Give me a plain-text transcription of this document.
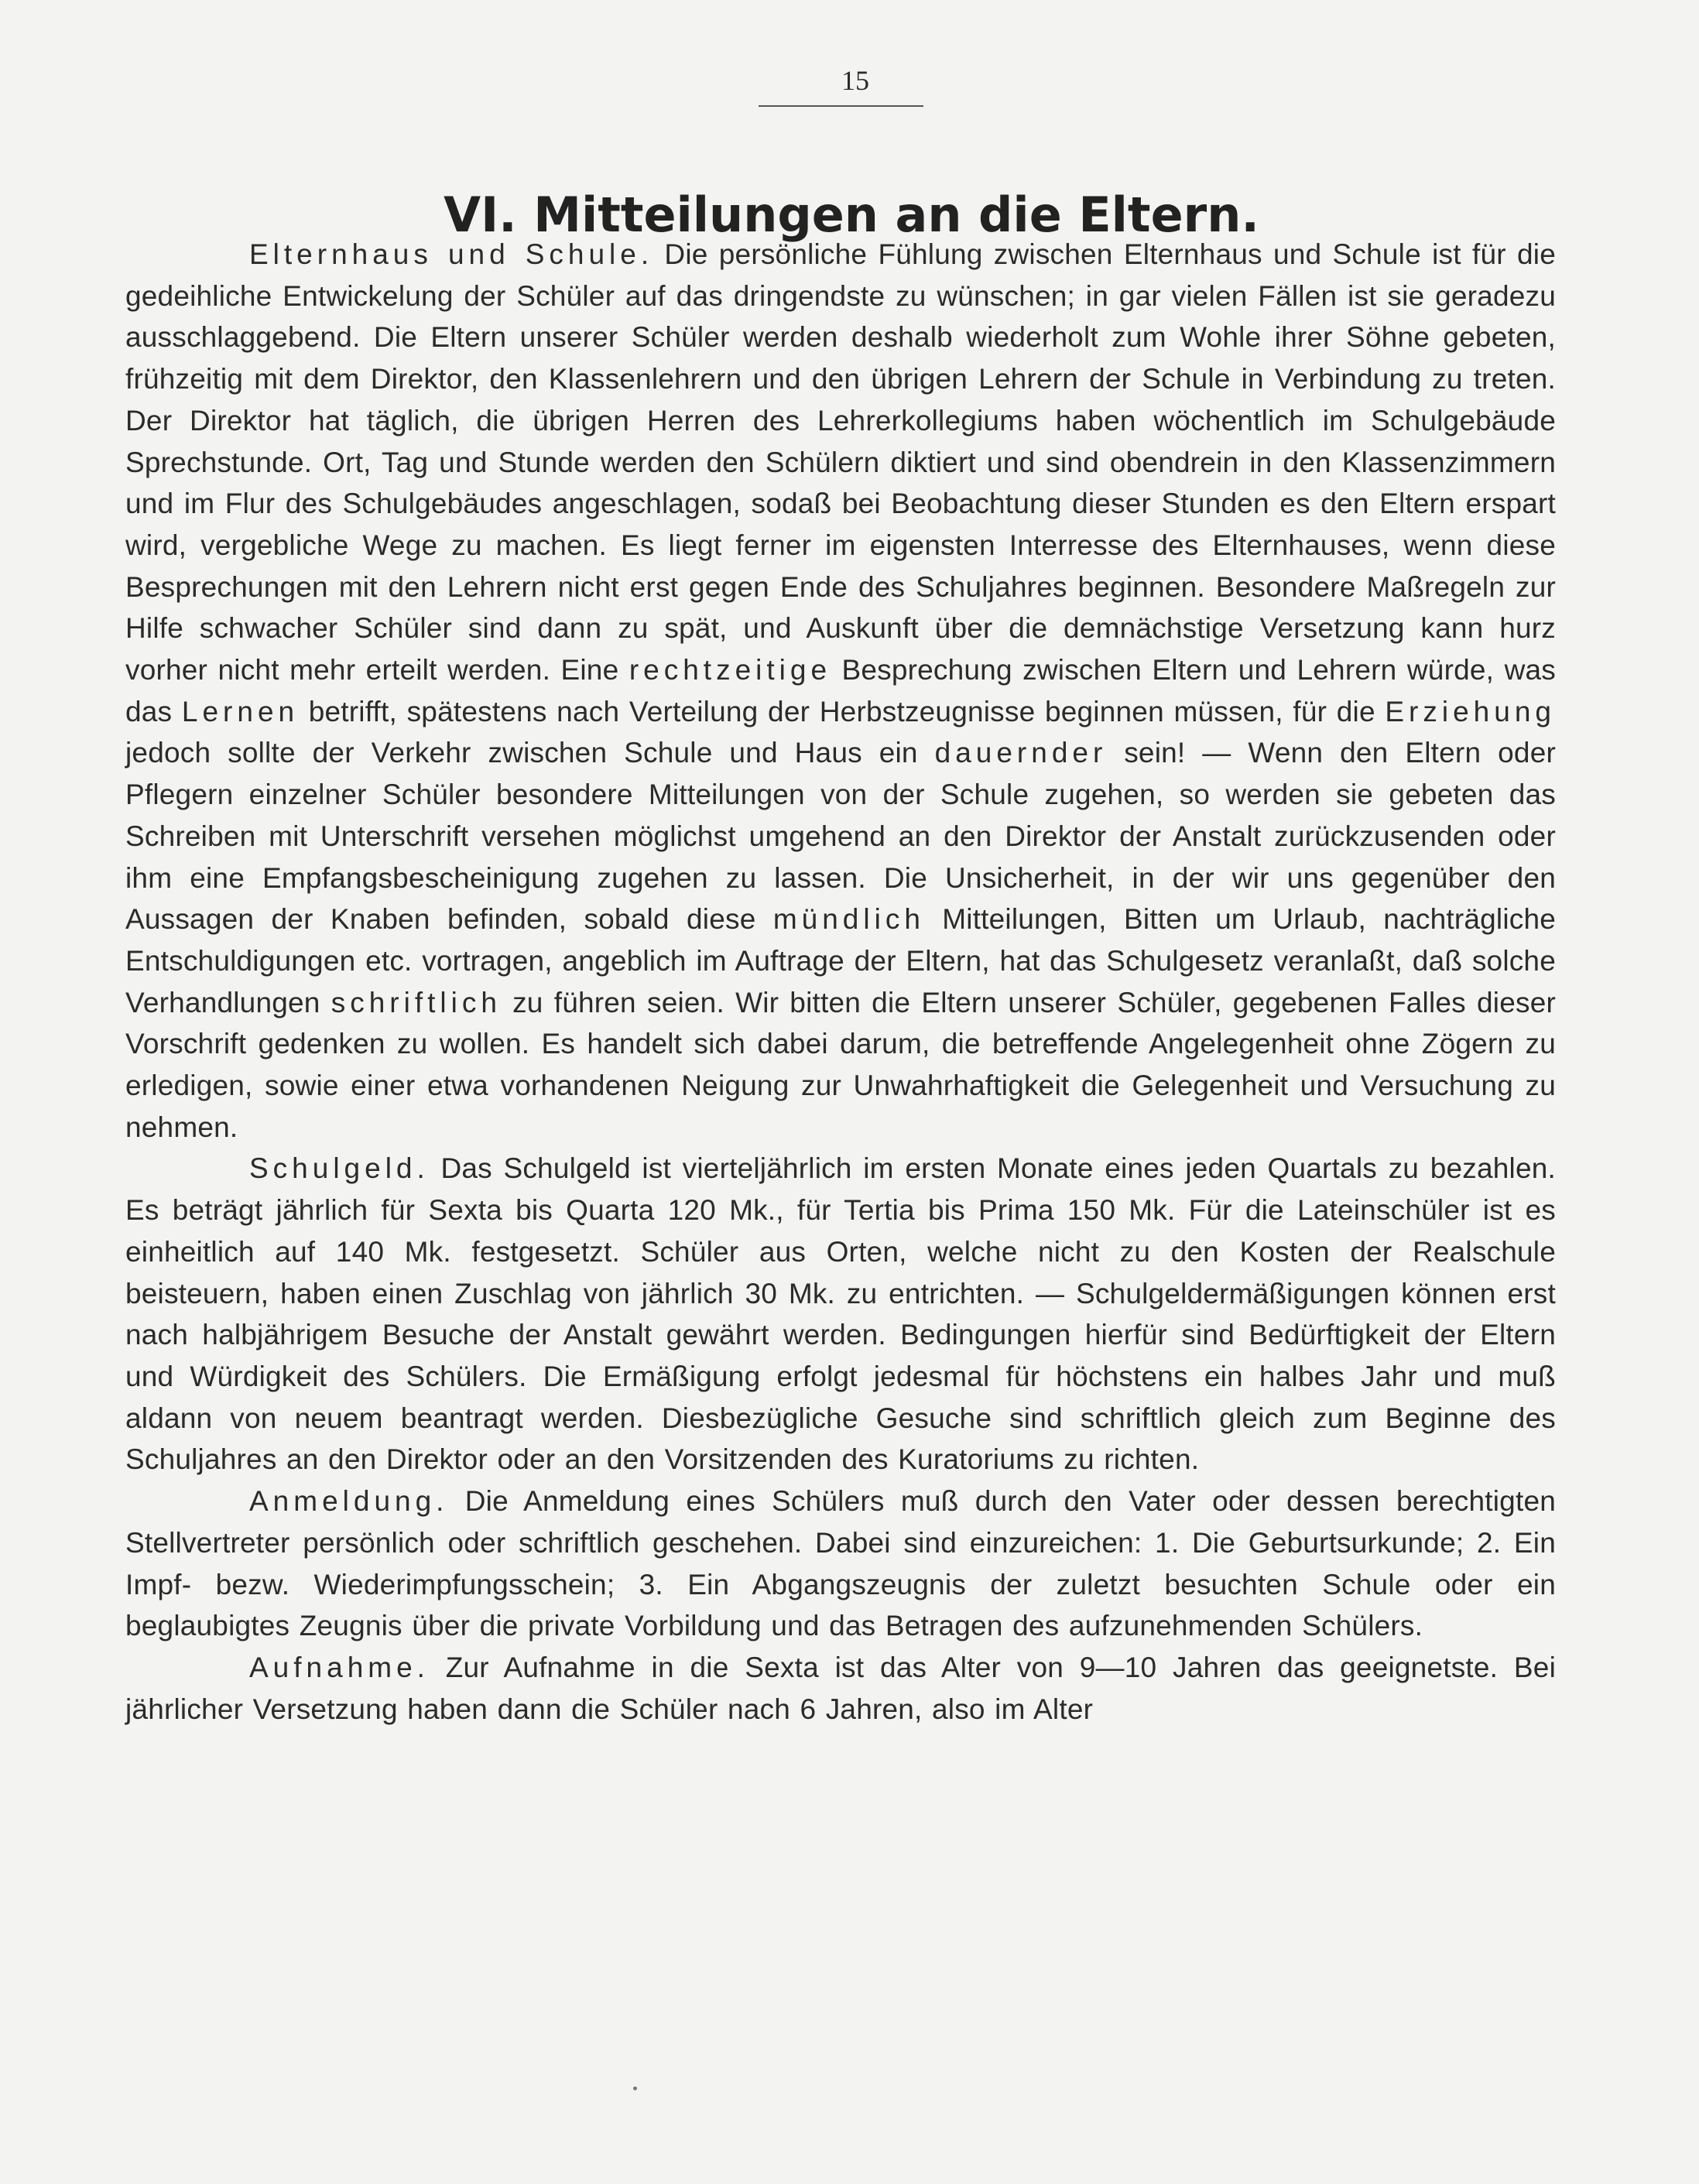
15
VI. Mitteilungen an die Eltern.

Elternhaus und Schule. Die persönliche Fühlung zwischen Elternhaus und Schule ist für die gedeihliche Entwickelung der Schüler auf das dringendste zu wünschen; in gar vielen Fällen ist sie geradezu ausschlaggebend. Die Eltern unserer Schüler werden deshalb wiederholt zum Wohle ihrer Söhne gebeten, frühzeitig mit dem Direktor, den Klassenlehrern und den übrigen Lehrern der Schule in Verbindung zu treten. Der Direktor hat täglich, die übrigen Herren des Lehrerkollegiums haben wöchentlich im Schulgebäude Sprechstunde. Ort, Tag und Stunde werden den Schülern diktiert und sind obendrein in den Klassenzimmern und im Flur des Schulgebäudes angeschlagen, sodaß bei Beobachtung dieser Stunden es den Eltern erspart wird, vergebliche Wege zu machen. Es liegt ferner im eigensten Interresse des Elternhauses, wenn diese Besprechungen mit den Lehrern nicht erst gegen Ende des Schuljahres beginnen. Besondere Maßregeln zur Hilfe schwacher Schüler sind dann zu spät, und Auskunft über die demnächstige Versetzung kann hurz vorher nicht mehr erteilt werden. Eine rechtzeitige Besprechung zwischen Eltern und Lehrern würde, was das Lernen betrifft, spätestens nach Verteilung der Herbstzeugnisse beginnen müssen, für die Erziehung jedoch sollte der Verkehr zwischen Schule und Haus ein dauernder sein! — Wenn den Eltern oder Pflegern einzelner Schüler besondere Mitteilungen von der Schule zugehen, so werden sie gebeten das Schreiben mit Unterschrift versehen möglichst umgehend an den Direktor der Anstalt zurückzusenden oder ihm eine Empfangsbescheinigung zugehen zu lassen. Die Unsicherheit, in der wir uns gegenüber den Aussagen der Knaben befinden, sobald diese mündlich Mitteilungen, Bitten um Urlaub, nachträgliche Entschuldigungen etc. vortragen, angeblich im Auftrage der Eltern, hat das Schulgesetz veranlaßt, daß solche Verhandlungen schriftlich zu führen seien. Wir bitten die Eltern unserer Schüler, gegebenen Falles dieser Vorschrift gedenken zu wollen. Es handelt sich dabei darum, die betreffende Angelegenheit ohne Zögern zu erledigen, sowie einer etwa vorhandenen Neigung zur Unwahrhaftigkeit die Gelegenheit und Versuchung zu nehmen.

Schulgeld. Das Schulgeld ist vierteljährlich im ersten Monate eines jeden Quartals zu bezahlen. Es beträgt jährlich für Sexta bis Quarta 120 Mk., für Tertia bis Prima 150 Mk. Für die Lateinschüler ist es einheitlich auf 140 Mk. festgesetzt. Schüler aus Orten, welche nicht zu den Kosten der Realschule beisteuern, haben einen Zuschlag von jährlich 30 Mk. zu entrichten. — Schulgeldermäßigungen können erst nach halbjährigem Besuche der Anstalt gewährt werden. Bedingungen hierfür sind Bedürftigkeit der Eltern und Würdigkeit des Schülers. Die Ermäßigung erfolgt jedesmal für höchstens ein halbes Jahr und muß aldann von neuem beantragt werden. Diesbezügliche Gesuche sind schriftlich gleich zum Beginne des Schuljahres an den Direktor oder an den Vorsitzenden des Kuratoriums zu richten.

Anmeldung. Die Anmeldung eines Schülers muß durch den Vater oder dessen berechtigten Stellvertreter persönlich oder schriftlich geschehen. Dabei sind einzureichen: 1. Die Geburtsurkunde; 2. Ein Impf- bezw. Wiederimpfungsschein; 3. Ein Abgangszeugnis der zuletzt besuchten Schule oder ein beglaubigtes Zeugnis über die private Vorbildung und das Betragen des aufzunehmenden Schülers.

Aufnahme. Zur Aufnahme in die Sexta ist das Alter von 9—10 Jahren das geeignetste. Bei jährlicher Versetzung haben dann die Schüler nach 6 Jahren, also im Alter
